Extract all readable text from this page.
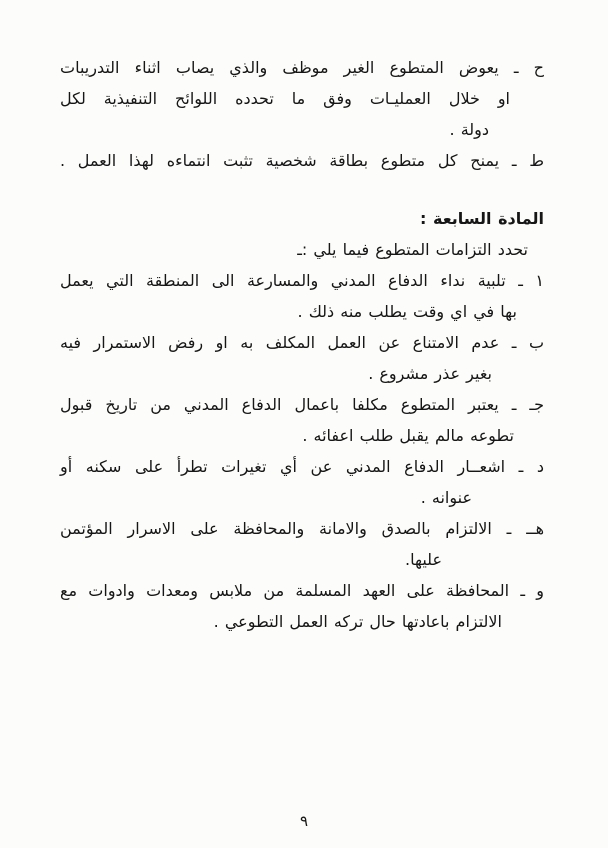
ح ـ يعوض المتطوع الغير موظف والذي يصاب اثناء التدريبات
او خلال العمليـات وفق ما تحدده اللوائح التنفيذية لكل
دولة .
ط ـ يمنح كل متطوع بطاقة شخصية تثبت انتماءه لهذا العمل .
المادة السابعة :
تحدد التزامات المتطوع فيما يلي :ـ
١ ـ تلبية نداء الدفاع المدني والمسارعة الى المنطقة التي يعمل
بها في اي وقت يطلب منه ذلك .
ب ـ عدم الامتناع عن العمل المكلف به او رفض الاستمرار فيه
بغير عذر مشروع .
جـ ـ يعتبر المتطوع مكلفا باعمال الدفاع المدني من تاريخ قبول
تطوعه مالم يقبل طلب اعفائه .
د ـ اشعــار الدفاع المدني عن أي تغيرات تطرأ على سكنه أو
عنوانه .
هــ ـ الالتزام بالصدق والامانة والمحافظة على الاسرار المؤتمن
عليها.
و ـ المحافظة على العهد المسلمة من ملابس ومعدات وادوات مع
الالتزام باعادتها حال تركه العمل التطوعي .
٩
